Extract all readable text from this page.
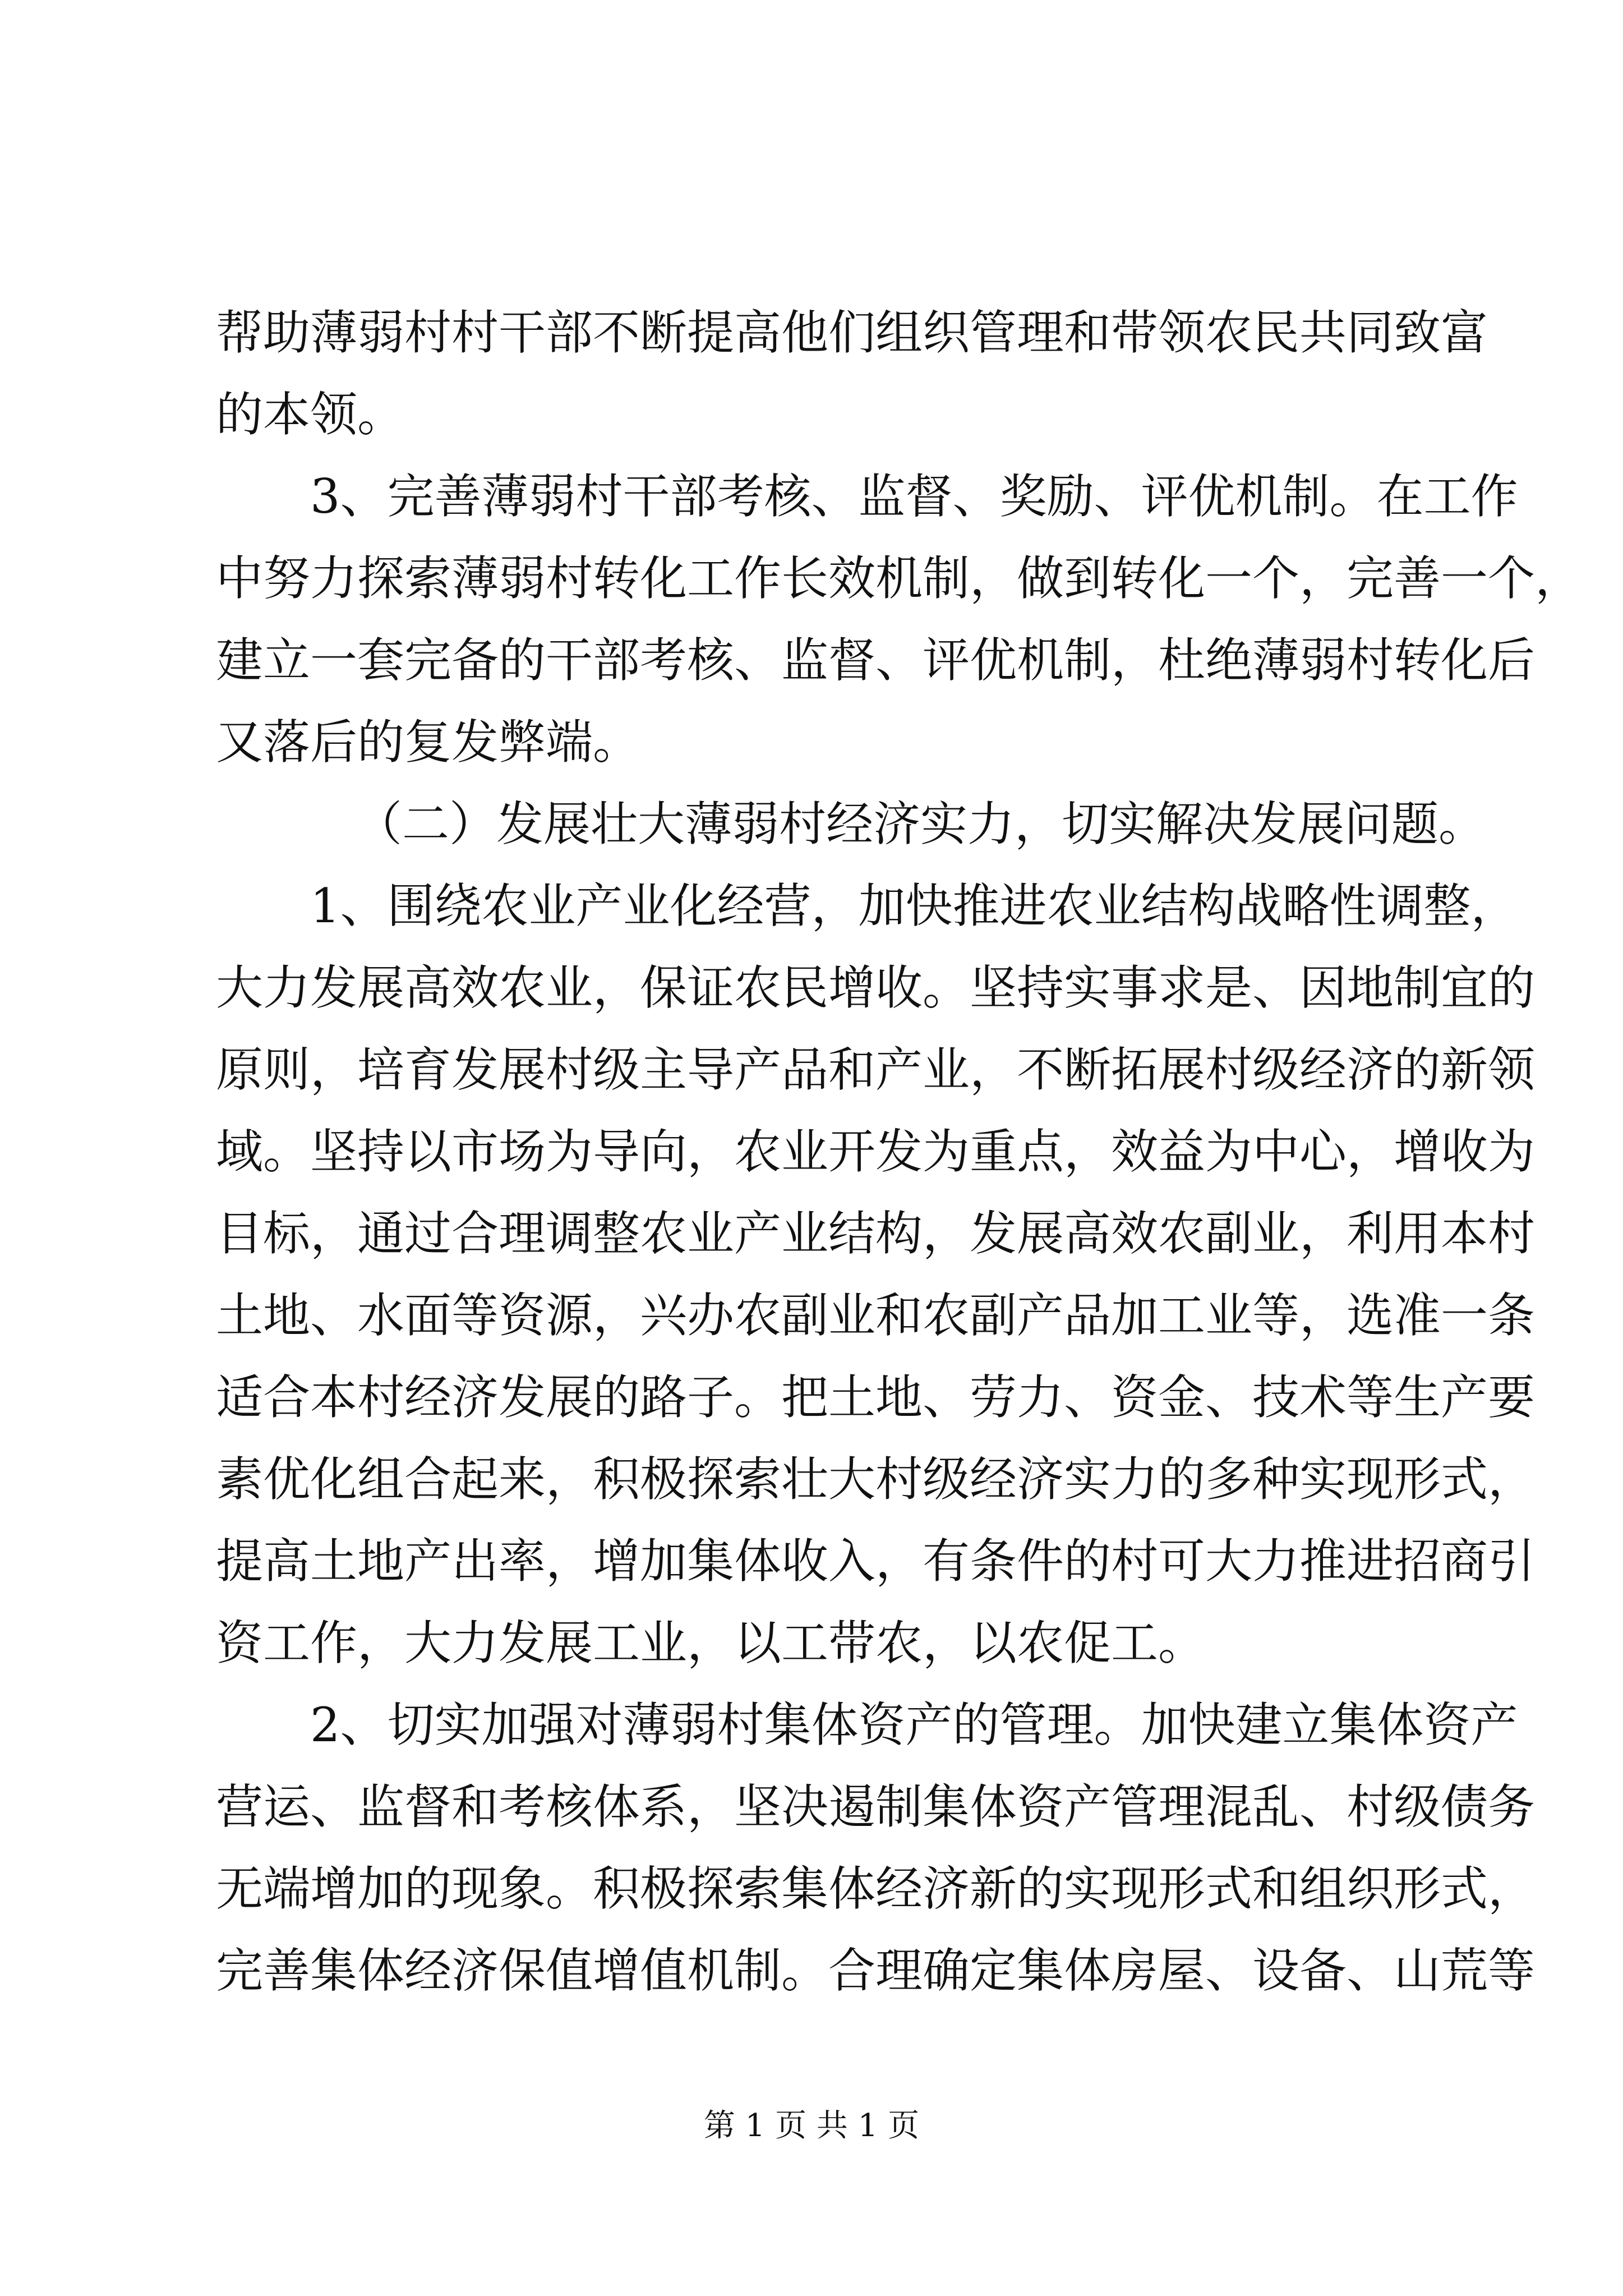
帮助薄弱村村干部不断提高他们组织管理和带领农民共同致富
的本领。
3、完善薄弱村干部考核、监督、奖励、评优机制。在工作
中努力探索薄弱村转化工作长效机制，做到转化一个，完善一个，
建立一套完备的干部考核、监督、评优机制，杜绝薄弱村转化后
又落后的复发弊端。
（二）发展壮大薄弱村经济实力，切实解决发展问题。
1、围绕农业产业化经营，加快推进农业结构战略性调整，
大力发展高效农业，保证农民增收。坚持实事求是、因地制宜的
原则，培育发展村级主导产品和产业，不断拓展村级经济的新领
域。坚持以市场为导向，农业开发为重点，效益为中心，增收为
目标，通过合理调整农业产业结构，发展高效农副业，利用本村
土地、水面等资源，兴办农副业和农副产品加工业等，选准一条
适合本村经济发展的路子。把土地、劳力、资金、技术等生产要
素优化组合起来，积极探索壮大村级经济实力的多种实现形式，
提高土地产出率，增加集体收入，有条件的村可大力推进招商引
资工作，大力发展工业，以工带农，以农促工。
2、切实加强对薄弱村集体资产的管理。加快建立集体资产
营运、监督和考核体系，坚决遏制集体资产管理混乱、村级债务
无端增加的现象。积极探索集体经济新的实现形式和组织形式，
完善集体经济保值增值机制。合理确定集体房屋、设备、山荒等
第 1 页 共 1 页
